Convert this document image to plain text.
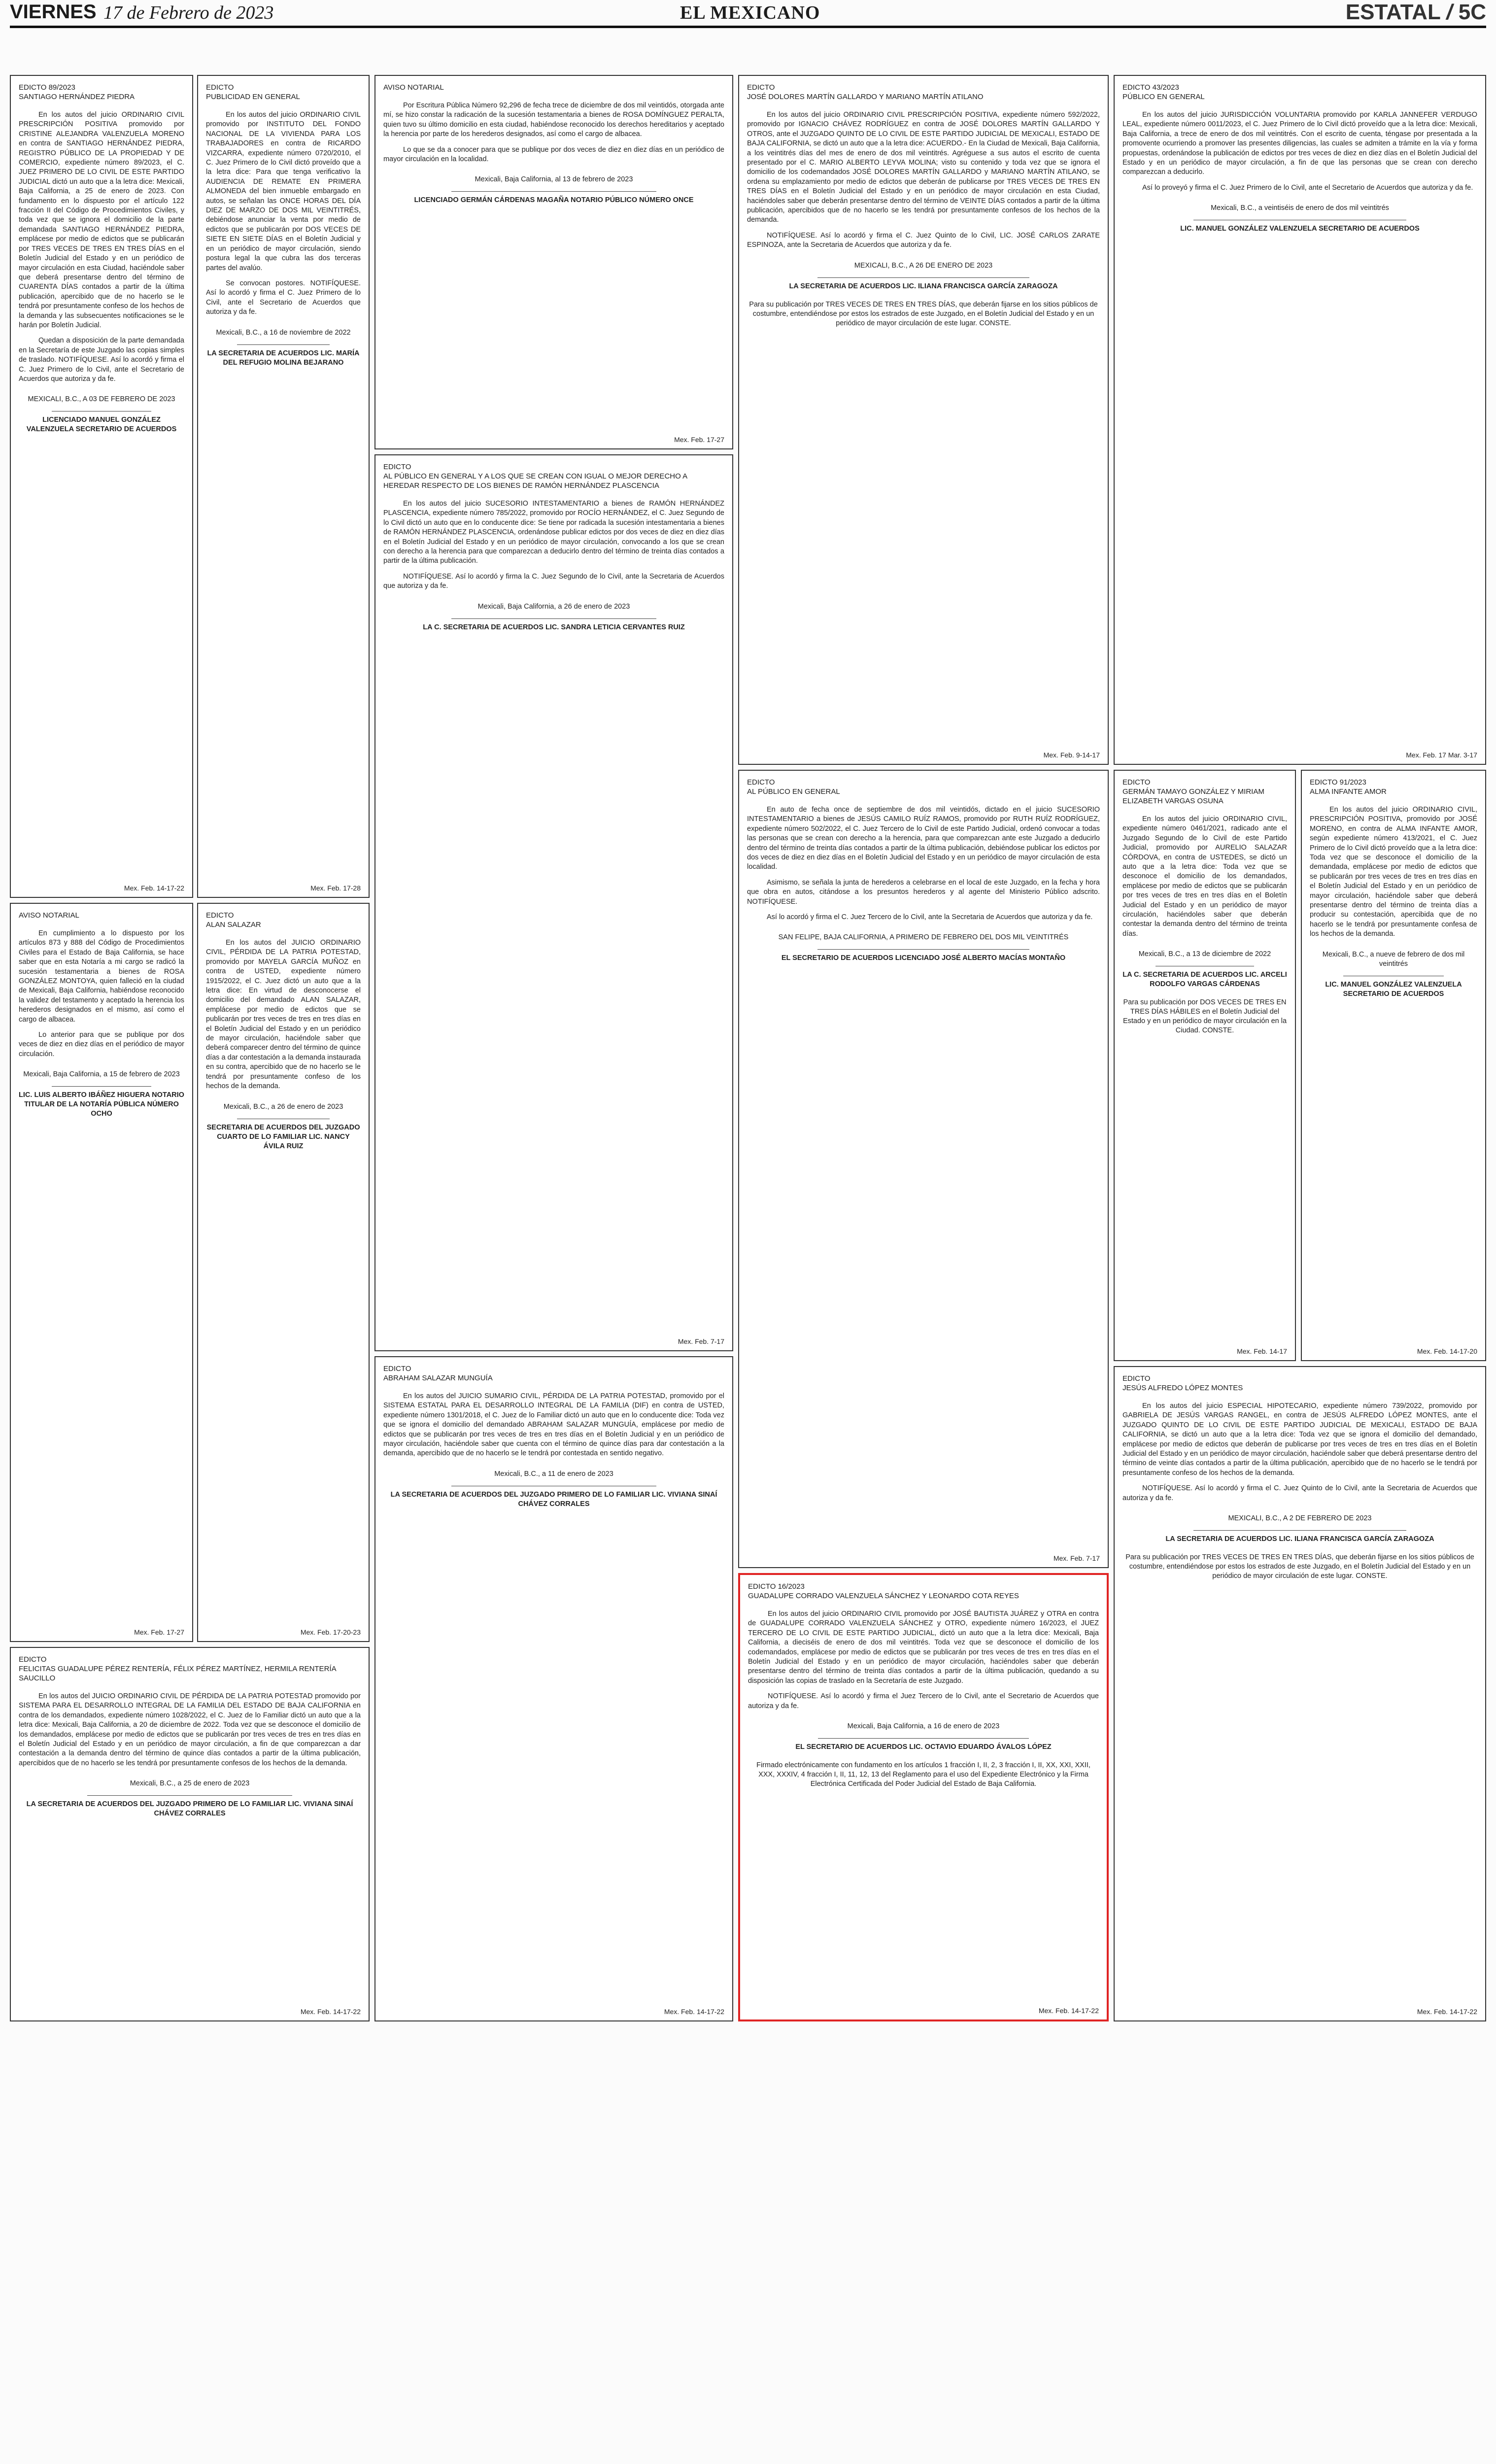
VIERNES 17 de Febrero de 2023	EL MEXICANO	ESTATAL / 5C
EDICTO 89/2023
SANTIAGO HERNÁNDEZ PIEDRA

En los autos del juicio ORDINARIO CIVIL PRESCRIPCIÓN POSITIVA promovido por CRISTINE ALEJANDRA VALENZUELA MORENO en contra de SANTIAGO HERNÁNDEZ PIEDRA, REGISTRO PÚBLICO DE LA PROPIEDAD Y DE COMERCIO, expediente número 89/2023, el C. JUEZ PRIMERO DE LO CIVIL DE ESTE PARTIDO JUDICIAL dictó un auto que a la letra dice: Mexicali, Baja California, a 25 de enero de 2023. Con fundamento en lo dispuesto por el artículo 122 fracción II del Código de Procedimientos Civiles, y toda vez que se ignora el domicilio de la parte demandada SANTIAGO HERNÁNDEZ PIEDRA, emplácese por medio de edictos que se publicarán por TRES VECES DE TRES EN TRES DÍAS en el Boletín Judicial del Estado y en un periódico de mayor circulación en esta Ciudad, haciéndole saber que deberá presentarse dentro del término de CUARENTA DÍAS contados a partir de la última publicación, apercibido que de no hacerlo se le tendrá por presuntamente confeso de los hechos de la demanda y las subsecuentes notificaciones se le harán por Boletín Judicial.

Quedan a disposición de la parte demandada en la Secretaría de este Juzgado las copias simples de traslado. NOTIFÍQUESE. Así lo acordó y firma el C. Juez Primero de lo Civil, ante el Secretario de Acuerdos que autoriza y da fe.

MEXICALI, B.C., A 03 DE FEBRERO DE 2023
LICENCIADO MANUEL GONZÁLEZ VALENZUELA SECRETARIO DE ACUERDOS
Mex. Feb. 14-17-22
AVISO NOTARIAL

En cumplimiento a lo dispuesto por los artículos 873 y 888 del Código de Procedimientos Civiles para el Estado de Baja California, se hace saber que en esta Notaría a mi cargo se radicó la sucesión testamentaria a bienes de ROSA GONZÁLEZ MONTOYA, quien falleció en la ciudad de Mexicali, Baja California, habiéndose reconocido la validez del testamento y aceptado la herencia los herederos designados en el mismo, así como el cargo de albacea.

Lo anterior para que se publique por dos veces de diez en diez días en el periódico de mayor circulación.

Mexicali, Baja California, a 15 de febrero de 2023
LIC. LUIS ALBERTO IBÁÑEZ HIGUERA NOTARIO TITULAR DE LA NOTARÍA PÚBLICA NÚMERO OCHO
Mex. Feb. 17-27
EDICTO
FELICITAS GUADALUPE PÉREZ RENTERÍA, FÉLIX PÉREZ MARTÍNEZ, HERMILA RENTERÍA SAUCILLO

En los autos del JUICIO ORDINARIO CIVIL DE PÉRDIDA DE LA PATRIA POTESTAD promovido por SISTEMA PARA EL DESARROLLO INTEGRAL DE LA FAMILIA DEL ESTADO DE BAJA CALIFORNIA en contra de los demandados, expediente número 1028/2022, el C. Juez de lo Familiar dictó un auto que a la letra dice: Mexicali, Baja California, a 20 de diciembre de 2022. Toda vez que se desconoce el domicilio de los demandados, emplácese por medio de edictos que se publicarán por tres veces de tres en tres días en el Boletín Judicial del Estado y en un periódico de mayor circulación, a fin de que comparezcan a dar contestación a la demanda dentro del término de quince días contados a partir de la última publicación, apercibidos que de no hacerlo se les tendrá por presuntamente confesos de los hechos de la demanda.

Mexicali, B.C., a 25 de enero de 2023
LA SECRETARIA DE ACUERDOS DEL JUZGADO PRIMERO DE LO FAMILIAR LIC. VIVIANA SINAÍ CHÁVEZ CORRALES
Mex. Feb. 14-17-22
EDICTO
PUBLICIDAD EN GENERAL

En los autos del juicio ORDINARIO CIVIL promovido por INSTITUTO DEL FONDO NACIONAL DE LA VIVIENDA PARA LOS TRABAJADORES en contra de RICARDO VIZCARRA, expediente número 0720/2010, el C. Juez Primero de lo Civil dictó proveído que a la letra dice: Para que tenga verificativo la AUDIENCIA DE REMATE EN PRIMERA ALMONEDA del bien inmueble embargado en autos, se señalan las ONCE HORAS DEL DÍA DIEZ DE MARZO DE DOS MIL VEINTITRÉS, debiéndose anunciar la venta por medio de edictos que se publicarán por DOS VECES DE SIETE EN SIETE DÍAS en el Boletín Judicial y en un periódico de mayor circulación, siendo postura legal la que cubra las dos terceras partes del avalúo.

Se convocan postores. NOTIFÍQUESE. Así lo acordó y firma el C. Juez Primero de lo Civil, ante el Secretario de Acuerdos que autoriza y da fe.

Mexicali, B.C., a 16 de noviembre de 2022
LA SECRETARIA DE ACUERDOS LIC. MARÍA DEL REFUGIO MOLINA BEJARANO
Mex. Feb. 17-28
EDICTO
ALAN SALAZAR

En los autos del JUICIO ORDINARIO CIVIL, PÉRDIDA DE LA PATRIA POTESTAD, promovido por MAYELA GARCÍA MUÑOZ en contra de USTED, expediente número 1915/2022, el C. Juez dictó un auto que a la letra dice: En virtud de desconocerse el domicilio del demandado ALAN SALAZAR, emplácese por medio de edictos que se publicarán por tres veces de tres en tres días en el Boletín Judicial del Estado y en un periódico de mayor circulación, haciéndole saber que deberá comparecer dentro del término de quince días a dar contestación a la demanda instaurada en su contra, apercibido que de no hacerlo se le tendrá por presuntamente confeso de los hechos de la demanda.

Mexicali, B.C., a 26 de enero de 2023
SECRETARIA DE ACUERDOS DEL JUZGADO CUARTO DE LO FAMILIAR LIC. NANCY ÁVILA RUIZ
Mex. Feb. 17-20-23
AVISO NOTARIAL

Por Escritura Pública Número 92,296 de fecha trece de diciembre de dos mil veintidós, otorgada ante mí, se hizo constar la radicación de la sucesión testamentaria a bienes de ROSA DOMÍNGUEZ PERALTA, quien tuvo su último domicilio en esta ciudad, habiéndose reconocido los derechos hereditarios y aceptado la herencia por parte de los herederos designados, así como el cargo de albacea.

Lo que se da a conocer para que se publique por dos veces de diez en diez días en un periódico de mayor circulación en la localidad.

Mexicali, Baja California, al 13 de febrero de 2023
LICENCIADO GERMÁN CÁRDENAS MAGAÑA NOTARIO PÚBLICO NÚMERO ONCE
Mex. Feb. 17-27
EDICTO
AL PÚBLICO EN GENERAL Y A LOS QUE SE CREAN CON IGUAL O MEJOR DERECHO A HEREDAR RESPECTO DE LOS BIENES DE RAMÓN HERNÁNDEZ PLASCENCIA

En los autos del juicio SUCESORIO INTESTAMENTARIO a bienes de RAMÓN HERNÁNDEZ PLASCENCIA, expediente número 785/2022, promovido por ROCÍO HERNÁNDEZ, el C. Juez Segundo de lo Civil dictó un auto que en lo conducente dice: Se tiene por radicada la sucesión intestamentaria a bienes de RAMÓN HERNÁNDEZ PLASCENCIA, ordenándose publicar edictos por dos veces de diez en diez días en el Boletín Judicial del Estado y en un periódico de mayor circulación, convocando a los que se crean con derecho a la herencia para que comparezcan a deducirlo dentro del término de treinta días contados a partir de la última publicación.

NOTIFÍQUESE. Así lo acordó y firma la C. Juez Segundo de lo Civil, ante la Secretaria de Acuerdos que autoriza y da fe.

Mexicali, Baja California, a 26 de enero de 2023
LA C. SECRETARIA DE ACUERDOS LIC. SANDRA LETICIA CERVANTES RUIZ
Mex. Feb. 7-17
EDICTO
ABRAHAM SALAZAR MUNGUÍA

En los autos del JUICIO SUMARIO CIVIL, PÉRDIDA DE LA PATRIA POTESTAD, promovido por el SISTEMA ESTATAL PARA EL DESARROLLO INTEGRAL DE LA FAMILIA (DIF) en contra de USTED, expediente número 1301/2018, el C. Juez de lo Familiar dictó un auto que en lo conducente dice: Toda vez que se ignora el domicilio del demandado ABRAHAM SALAZAR MUNGUÍA, emplácese por medio de edictos que se publicarán por tres veces de tres en tres días en el Boletín Judicial y en un periódico de mayor circulación, haciéndole saber que cuenta con el término de quince días para dar contestación a la demanda, apercibido que de no hacerlo se le tendrá por contestada en sentido negativo.

Mexicali, B.C., a 11 de enero de 2023
LA SECRETARIA DE ACUERDOS DEL JUZGADO PRIMERO DE LO FAMILIAR LIC. VIVIANA SINAÍ CHÁVEZ CORRALES
Mex. Feb. 14-17-22
EDICTO
JOSÉ DOLORES MARTÍN GALLARDO Y MARIANO MARTÍN ATILANO

En los autos del juicio ORDINARIO CIVIL PRESCRIPCIÓN POSITIVA, expediente número 592/2022, promovido por IGNACIO CHÁVEZ RODRÍGUEZ en contra de JOSÉ DOLORES MARTÍN GALLARDO Y OTROS, ante el JUZGADO QUINTO DE LO CIVIL DE ESTE PARTIDO JUDICIAL DE MEXICALI, ESTADO DE BAJA CALIFORNIA, se dictó un auto que a la letra dice: ACUERDO.- En la Ciudad de Mexicali, Baja California, a los veintitrés días del mes de enero de dos mil veintitrés. Agréguese a sus autos el escrito de cuenta presentado por el C. MARIO ALBERTO LEYVA MOLINA; visto su contenido y toda vez que se ignora el domicilio de los codemandados JOSÉ DOLORES MARTÍN GALLARDO y MARIANO MARTÍN ATILANO, se ordena su emplazamiento por medio de edictos que deberán de publicarse por TRES VECES DE TRES EN TRES DÍAS en el Boletín Judicial del Estado y en un periódico de mayor circulación en esta Ciudad, haciéndoles saber que deberán presentarse dentro del término de VEINTE DÍAS contados a partir de la última publicación, apercibidos que de no hacerlo se les tendrá por presuntamente confesos de los hechos de la demanda.

NOTIFÍQUESE. Así lo acordó y firma el C. Juez Quinto de lo Civil, LIC. JOSÉ CARLOS ZARATE ESPINOZA, ante la Secretaria de Acuerdos que autoriza y da fe.

MEXICALI, B.C., A 26 DE ENERO DE 2023
LA SECRETARIA DE ACUERDOS LIC. ILIANA FRANCISCA GARCÍA ZARAGOZA
Para su publicación por TRES VECES DE TRES EN TRES DÍAS, que deberán fijarse en los sitios públicos de costumbre, entendiéndose por estos los estrados de este Juzgado, en el Boletín Judicial del Estado y en un periódico de mayor circulación de este lugar. CONSTE.
Mex. Feb. 9-14-17
EDICTO
AL PÚBLICO EN GENERAL

En auto de fecha once de septiembre de dos mil veintidós, dictado en el juicio SUCESORIO INTESTAMENTARIO a bienes de JESÚS CAMILO RUÍZ RAMOS, promovido por RUTH RUÍZ RODRÍGUEZ, expediente número 502/2022, el C. Juez Tercero de lo Civil de este Partido Judicial, ordenó convocar a todas las personas que se crean con derecho a la herencia, para que comparezcan ante este Juzgado a deducirlo dentro del término de treinta días contados a partir de la última publicación, debiéndose publicar los edictos por dos veces de diez en diez días en el Boletín Judicial del Estado y en un periódico de mayor circulación de esta localidad.

Asimismo, se señala la junta de herederos a celebrarse en el local de este Juzgado, en la fecha y hora que obra en autos, citándose a los presuntos herederos y al agente del Ministerio Público adscrito. NOTIFÍQUESE.

Así lo acordó y firma el C. Juez Tercero de lo Civil, ante la Secretaria de Acuerdos que autoriza y da fe.

SAN FELIPE, BAJA CALIFORNIA, A PRIMERO DE FEBRERO DEL DOS MIL VEINTITRÉS
EL SECRETARIO DE ACUERDOS LICENCIADO JOSÉ ALBERTO MACÍAS MONTAÑO
Mex. Feb. 7-17
EDICTO 16/2023
GUADALUPE CORRADO VALENZUELA SÁNCHEZ Y LEONARDO COTA REYES

En los autos del juicio ORDINARIO CIVIL promovido por JOSÉ BAUTISTA JUÁREZ y OTRA en contra de GUADALUPE CORRADO VALENZUELA SÁNCHEZ y OTRO, expediente número 16/2023, el JUEZ TERCERO DE LO CIVIL DE ESTE PARTIDO JUDICIAL, dictó un auto que a la letra dice: Mexicali, Baja California, a dieciséis de enero de dos mil veintitrés. Toda vez que se desconoce el domicilio de los codemandados, emplácese por medio de edictos que se publicarán por tres veces de tres en tres días en el Boletín Judicial del Estado y en un periódico de mayor circulación, haciéndoles saber que deberán presentarse dentro del término de treinta días contados a partir de la última publicación, quedando a su disposición las copias de traslado en la Secretaría de este Juzgado.

NOTIFÍQUESE. Así lo acordó y firma el Juez Tercero de lo Civil, ante el Secretario de Acuerdos que autoriza y da fe.

Mexicali, Baja California, a 16 de enero de 2023
EL SECRETARIO DE ACUERDOS LIC. OCTAVIO EDUARDO ÁVALOS LÓPEZ
Firmado electrónicamente con fundamento en los artículos 1 fracción I, II, 2, 3 fracción I, II, XX, XXI, XXII, XXX, XXXIV, 4 fracción I, II, 11, 12, 13 del Reglamento para el uso del Expediente Electrónico y la Firma Electrónica Certificada del Poder Judicial del Estado de Baja California.
Mex. Feb. 14-17-22
EDICTO 43/2023
PÚBLICO EN GENERAL

En los autos del juicio JURISDICCIÓN VOLUNTARIA promovido por KARLA JANNEFER VERDUGO LEAL, expediente número 0011/2023, el C. Juez Primero de lo Civil dictó proveído que a la letra dice: Mexicali, Baja California, a trece de enero de dos mil veintitrés. Con el escrito de cuenta, téngase por presentada a la promovente ocurriendo a promover las presentes diligencias, las cuales se admiten a trámite en la vía y forma propuestas, ordenándose la publicación de edictos por tres veces de diez en diez días en el Boletín Judicial del Estado y en un periódico de mayor circulación, a fin de que las personas que se crean con derecho comparezcan a deducirlo.

Así lo proveyó y firma el C. Juez Primero de lo Civil, ante el Secretario de Acuerdos que autoriza y da fe.

Mexicali, B.C., a veintiséis de enero de dos mil veintitrés
LIC. MANUEL GONZÁLEZ VALENZUELA SECRETARIO DE ACUERDOS
Mex. Feb. 17 Mar. 3-17
EDICTO
GERMÁN TAMAYO GONZÁLEZ Y MIRIAM ELIZABETH VARGAS OSUNA

En los autos del juicio ORDINARIO CIVIL, expediente número 0461/2021, radicado ante el Juzgado Segundo de lo Civil de este Partido Judicial, promovido por AURELIO SALAZAR CÓRDOVA, en contra de USTEDES, se dictó un auto que a la letra dice: Toda vez que se desconoce el domicilio de los demandados, emplácese por medio de edictos que se publicarán por tres veces de tres en tres días en el Boletín Judicial del Estado y en un periódico de mayor circulación, haciéndoles saber que deberán contestar la demanda dentro del término de treinta días.

Mexicali, B.C., a 13 de diciembre de 2022
LA C. SECRETARIA DE ACUERDOS LIC. ARCELI RODOLFO VARGAS CÁRDENAS
Para su publicación por DOS VECES DE TRES EN TRES DÍAS HÁBILES en el Boletín Judicial del Estado y en un periódico de mayor circulación en la Ciudad. CONSTE.
Mex. Feb. 14-17
EDICTO 91/2023
ALMA INFANTE AMOR

En los autos del juicio ORDINARIO CIVIL, PRESCRIPCIÓN POSITIVA, promovido por JOSÉ MORENO, en contra de ALMA INFANTE AMOR, según expediente número 413/2021, el C. Juez Primero de lo Civil dictó proveído que a la letra dice: Toda vez que se desconoce el domicilio de la demandada, emplácese por medio de edictos que se publicarán por tres veces de tres en tres días en el Boletín Judicial del Estado y en un periódico de mayor circulación, haciéndole saber que deberá presentarse dentro del término de treinta días a producir su contestación, apercibida que de no hacerlo se le tendrá por presuntamente confesa de los hechos de la demanda.

Mexicali, B.C., a nueve de febrero de dos mil veintitrés
LIC. MANUEL GONZÁLEZ VALENZUELA SECRETARIO DE ACUERDOS
Mex. Feb. 14-17-20
EDICTO
JESÚS ALFREDO LÓPEZ MONTES

En los autos del juicio ESPECIAL HIPOTECARIO, expediente número 739/2022, promovido por GABRIELA DE JESÚS VARGAS RANGEL, en contra de JESÚS ALFREDO LÓPEZ MONTES, ante el JUZGADO QUINTO DE LO CIVIL DE ESTE PARTIDO JUDICIAL DE MEXICALI, ESTADO DE BAJA CALIFORNIA, se dictó un auto que a la letra dice: Toda vez que se ignora el domicilio del demandado, emplácese por medio de edictos que deberán de publicarse por tres veces de tres en tres días en el Boletín Judicial del Estado y en un periódico de mayor circulación, haciéndole saber que deberá presentarse dentro del término de veinte días contados a partir de la última publicación, apercibido que de no hacerlo se le tendrá por presuntamente confeso de los hechos de la demanda.

NOTIFÍQUESE. Así lo acordó y firma el C. Juez Quinto de lo Civil, ante la Secretaria de Acuerdos que autoriza y da fe.

MEXICALI, B.C., A 2 DE FEBRERO DE 2023
LA SECRETARIA DE ACUERDOS LIC. ILIANA FRANCISCA GARCÍA ZARAGOZA
Para su publicación por TRES VECES DE TRES EN TRES DÍAS, que deberán fijarse en los sitios públicos de costumbre, entendiéndose por estos los estrados de este Juzgado, en el Boletín Judicial del Estado y en un periódico de mayor circulación de este lugar. CONSTE.
Mex. Feb. 14-17-22
